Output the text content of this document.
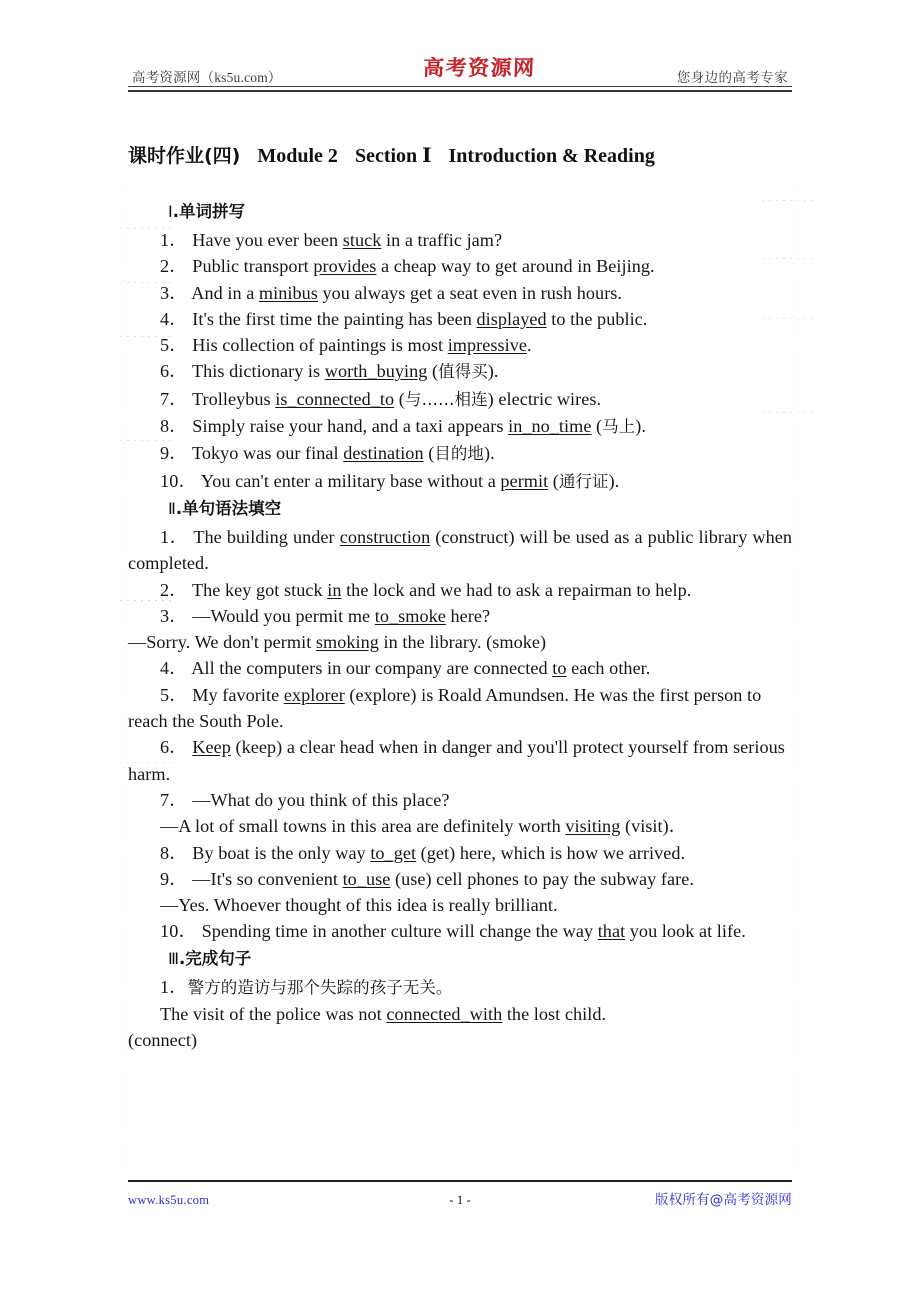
高考资源网（ks5u.com）	高考资源网	您身边的高考专家
课时作业(四) Module 2 Section Ⅰ Introduction & Reading
Ⅰ.单词拼写

1． Have you ever been stuck in a traffic jam?

2． Public transport provides a cheap way to get around in Beijing.

3． And in a minibus you always get a seat even in rush hours.

4． It's the first time the painting has been displayed to the public.

5． His collection of paintings is most impressive.

6． This dictionary is worth_buying (值得买).

7． Trolleybus is_connected_to (与……相连) electric wires.

8． Simply raise your hand, and a taxi appears in_no_time (马上).

9． Tokyo was our final destination (目的地).

10． You can't enter a military base without a permit (通行证).

Ⅱ.单句语法填空

1． The building under construction (construct) will be used as a public library when completed.

2． The key got stuck in the lock and we had to ask a repairman to help.

3． —Would you permit me to_smoke here?

—Sorry. We don't permit smoking in the library. (smoke)

4． All the computers in our company are connected to each other.

5． My favorite explorer (explore) is Roald Amundsen. He was the first person to reach the South Pole.

6． Keep (keep) a clear head when in danger and you'll protect yourself from serious harm.

7． —What do you think of this place?

—A lot of small towns in this area are definitely worth visiting (visit)．

8． By boat is the only way to_get (get) here, which is how we arrived.

9． —It's so convenient to_use (use) cell phones to pay the subway fare.

—Yes. Whoever thought of this idea is really brilliant.

10． Spending time in another culture will change the way that you look at life.

Ⅲ.完成句子

1．警方的造访与那个失踪的孩子无关。

The visit of the police was not connected_with the lost child.

(connect)

www.ks5u.com	版权所有@高考资源网
- 1 -
